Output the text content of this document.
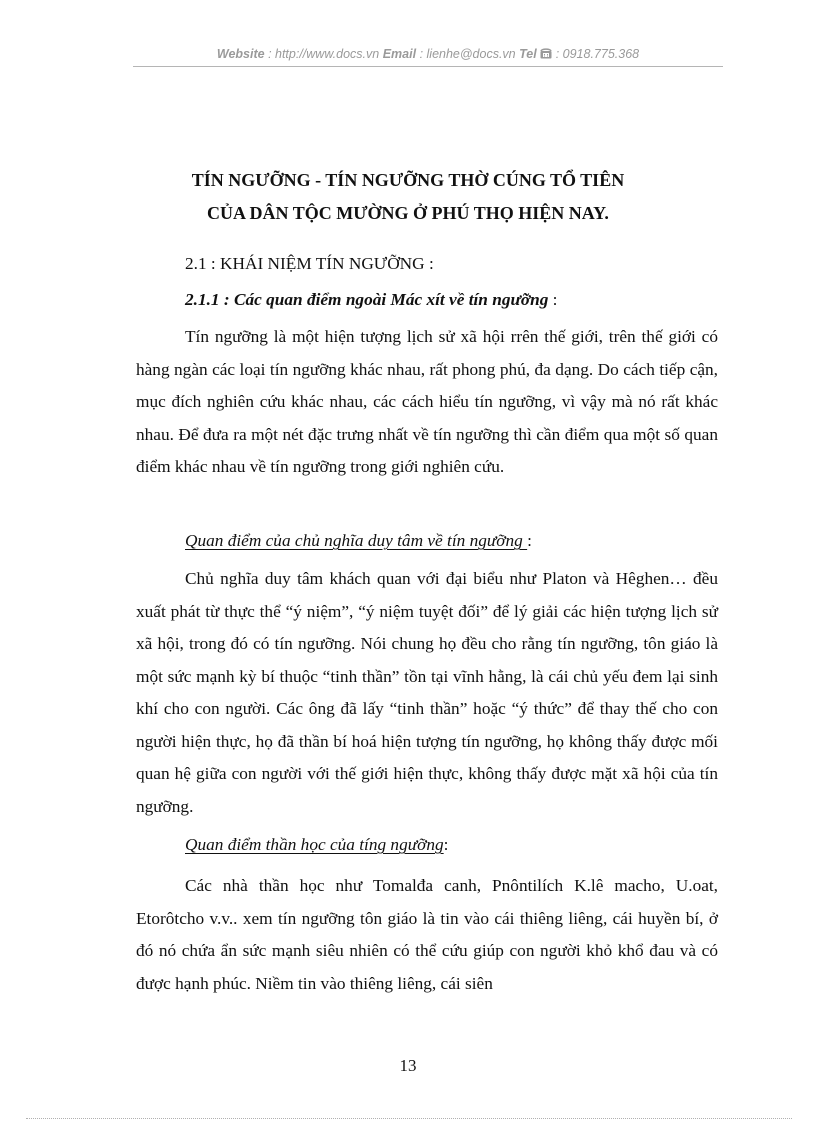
Website : http://www.docs.vn Email : lienhe@docs.vn Tel : 0918.775.368
TÍN NGƯỠNG - TÍN NGƯỠNG THỜ CÚNG TỔ TIÊN
CỦA DÂN TỘC MƯỜNG Ở PHÚ THỌ HIỆN NAY.
2.1 : KHÁI NIỆM TÍN NGƯỠNG :
2.1.1 : Các quan điểm ngoài Mác xít về tín ngưỡng :
Tín ngưỡng là một hiện tượng lịch sử xã hội rrên thế giới, trên thế giới có hàng ngàn các loại tín ngưỡng khác nhau, rất phong phú, đa dạng. Do cách tiếp cận, mục đích nghiên cứu khác nhau, các cách hiểu tín ngưỡng, vì vậy mà nó rất khác nhau. Để đưa ra một nét đặc trưng nhất về tín ngưỡng thì cần điểm qua một số quan điểm khác nhau về tín ngưỡng trong giới nghiên cứu.
Quan điểm của chủ nghĩa duy tâm về tín ngưỡng :
Chủ nghĩa duy tâm khách quan với đại biểu như Platon và Hêghen… đều xuất phát từ thực thể “ý niệm”, “ý niệm tuyệt đối” để lý giải các hiện tượng lịch sử xã hội, trong đó có tín ngưỡng. Nói chung họ đều cho rằng tín ngưỡng, tôn giáo là một sức mạnh kỳ bí thuộc “tinh thần” tồn tại vĩnh hằng, là cái chủ yếu đem lại sinh khí cho con người. Các ông đã lấy “tinh thần” hoặc “ý thức” để thay thế cho con người hiện thực, họ đã thần bí hoá hiện tượng tín ngưỡng, họ không thấy được mối quan hệ giữa con người với thế giới hiện thực, không thấy được mặt xã hội của tín ngưỡng.
Quan điểm thần học của tíng ngưỡng:
Các nhà thần học như Tomalđa canh, Pnôntilích K.lê macho, U.oat, Etorôtcho v.v.. xem tín ngưỡng tôn giáo là tin vào cái thiêng liêng, cái huyền bí, ở đó nó chứa ẩn sức mạnh siêu nhiên có thể cứu giúp con người khỏ khổ đau và có được hạnh phúc. Niềm tin vào thiêng liêng, cái siên
13
